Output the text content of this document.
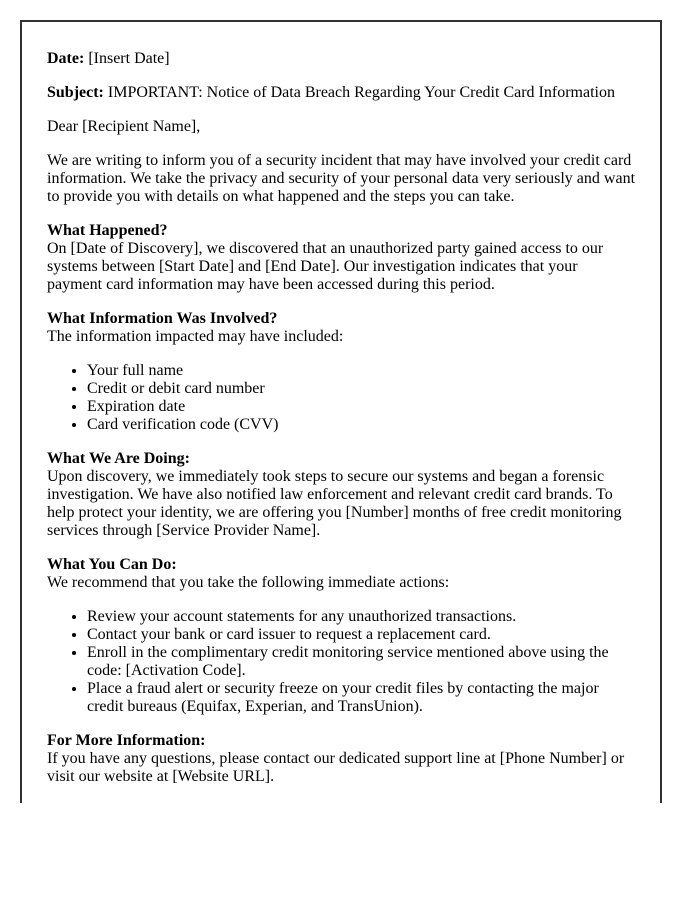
Date: [Insert Date]

Subject: IMPORTANT: Notice of Data Breach Regarding Your Credit Card Information

Dear [Recipient Name],

We are writing to inform you of a security incident that may have involved your credit card information. We take the privacy and security of your personal data very seriously and want to provide you with details on what happened and the steps you can take.

What Happened?
On [Date of Discovery], we discovered that an unauthorized party gained access to our systems between [Start Date] and [End Date]. Our investigation indicates that your payment card information may have been accessed during this period.
What Information Was Involved?
The information impacted may have included:
• Your full name
• Credit or debit card number
• Expiration date
• Card verification code (CVV)
What We Are Doing:
Upon discovery, we immediately took steps to secure our systems and began a forensic investigation. We have also notified law enforcement and relevant credit card brands. To help protect your identity, we are offering you [Number] months of free credit monitoring services through [Service Provider Name].
What You Can Do:
We recommend that you take the following immediate actions:
• Review your account statements for any unauthorized transactions.
• Contact your bank or card issuer to request a replacement card.
• Enroll in the complimentary credit monitoring service mentioned above using the code: [Activation Code].
• Place a fraud alert or security freeze on your credit files by contacting the major credit bureaus (Equifax, Experian, and TransUnion).
For More Information:
If you have any questions, please contact our dedicated support line at [Phone Number] or visit our website at [Website URL].
